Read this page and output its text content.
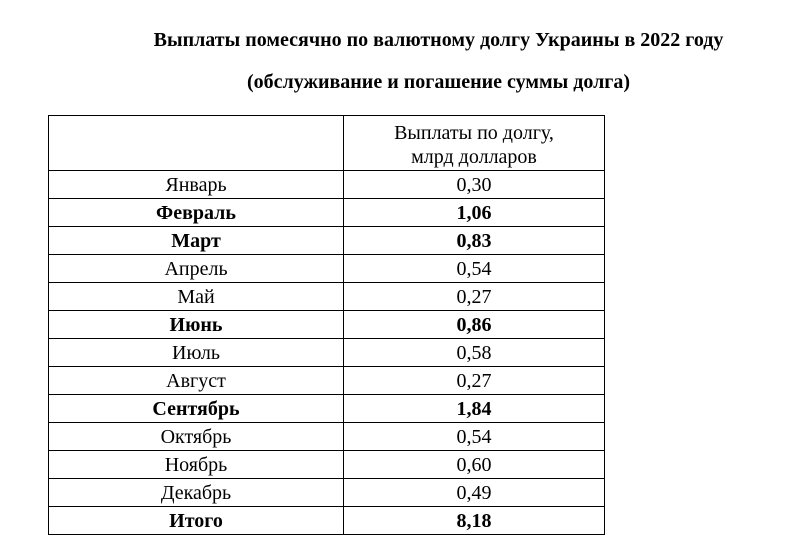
Выплаты помесячно по валютному долгу Украины в 2022 году
(обслуживание и погашение суммы долга)
	Выплаты по долгу,
млрд долларов
Январь	0,30
Февраль	1,06
Март	0,83
Апрель	0,54
Май	0,27
Июнь	0,86
Июль	0,58
Август	0,27
Сентябрь	1,84
Октябрь	0,54
Ноябрь	0,60
Декабрь	0,49
Итого	8,18
